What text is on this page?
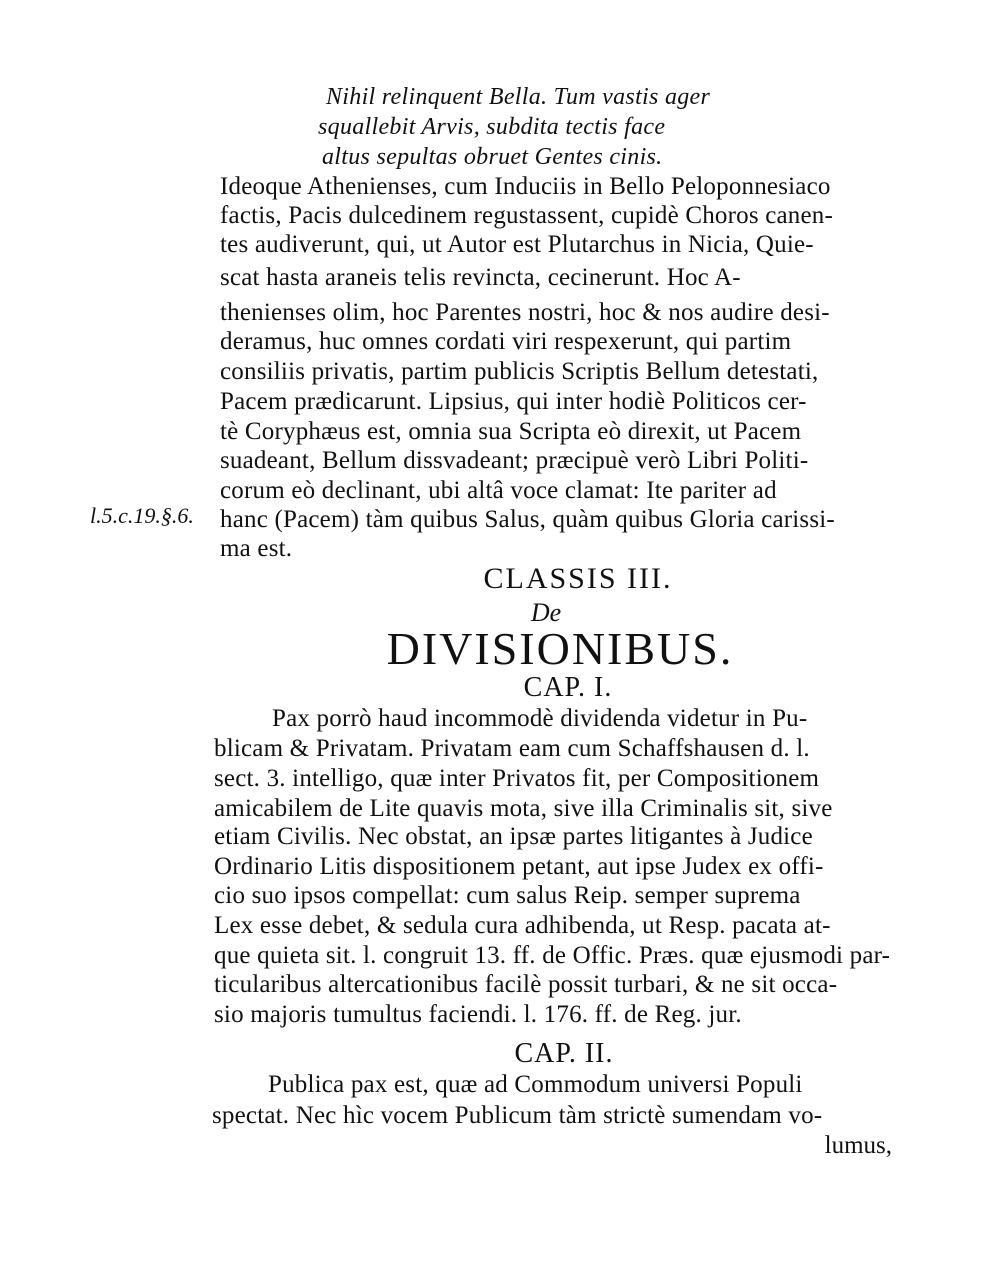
Nihil relinquent Bella. Tum vastis ager
squallebit Arvis, subdita tectis face
altus sepultas obruet Gentes cinis.
Ideoque Athenienses, cum Induciis in Bello Peloponnesiaco
factis, Pacis dulcedinem regustassent, cupidè Choros canen-
tes audiverunt, qui, ut Autor est Plutarchus in Nicia, Quie-
scat hasta araneis telis revincta, cecinerunt. Hoc A-
thenienses olim, hoc Parentes nostri, hoc & nos audire desi-
deramus, huc omnes cordati viri respexerunt, qui partim
consiliis privatis, partim publicis Scriptis Bellum detestati,
Pacem prædicarunt. Lipsius, qui inter hodiè Politicos cer-
tè Coryphæus est, omnia sua Scripta eò direxit, ut Pacem
suadeant, Bellum dissvadeant; præcipuè verò Libri Politi-
corum eò declinant, ubi altâ voce clamat: Ite pariter ad
hanc (Pacem) tàm quibus Salus, quàm quibus Gloria carissi-
ma est.
l.5.c.19.§.6.
CLASSIS III.
De
DIVISIONIBUS.
CAP. I.
Pax porrò haud incommodè dividenda videtur in Pu-
blicam & Privatam. Privatam eam cum Schaffshausen d. l.
sect. 3. intelligo, quæ inter Privatos fit, per Compositionem
amicabilem de Lite quavis mota, sive illa Criminalis sit, sive
etiam Civilis. Nec obstat, an ipsæ partes litigantes à Judice
Ordinario Litis dispositionem petant, aut ipse Judex ex offi-
cio suo ipsos compellat: cum salus Reip. semper suprema
Lex esse debet, & sedula cura adhibenda, ut Resp. pacata at-
que quieta sit. l. congruit 13. ff. de Offic. Præs. quæ ejusmodi par-
ticularibus altercationibus facilè possit turbari, & ne sit occa-
sio majoris tumultus faciendi. l. 176. ff. de Reg. jur.
CAP. II.
Publica pax est, quæ ad Commodum universi Populi
spectat. Nec hìc vocem Publicum tàm strictè sumendam vo-
lumus,
